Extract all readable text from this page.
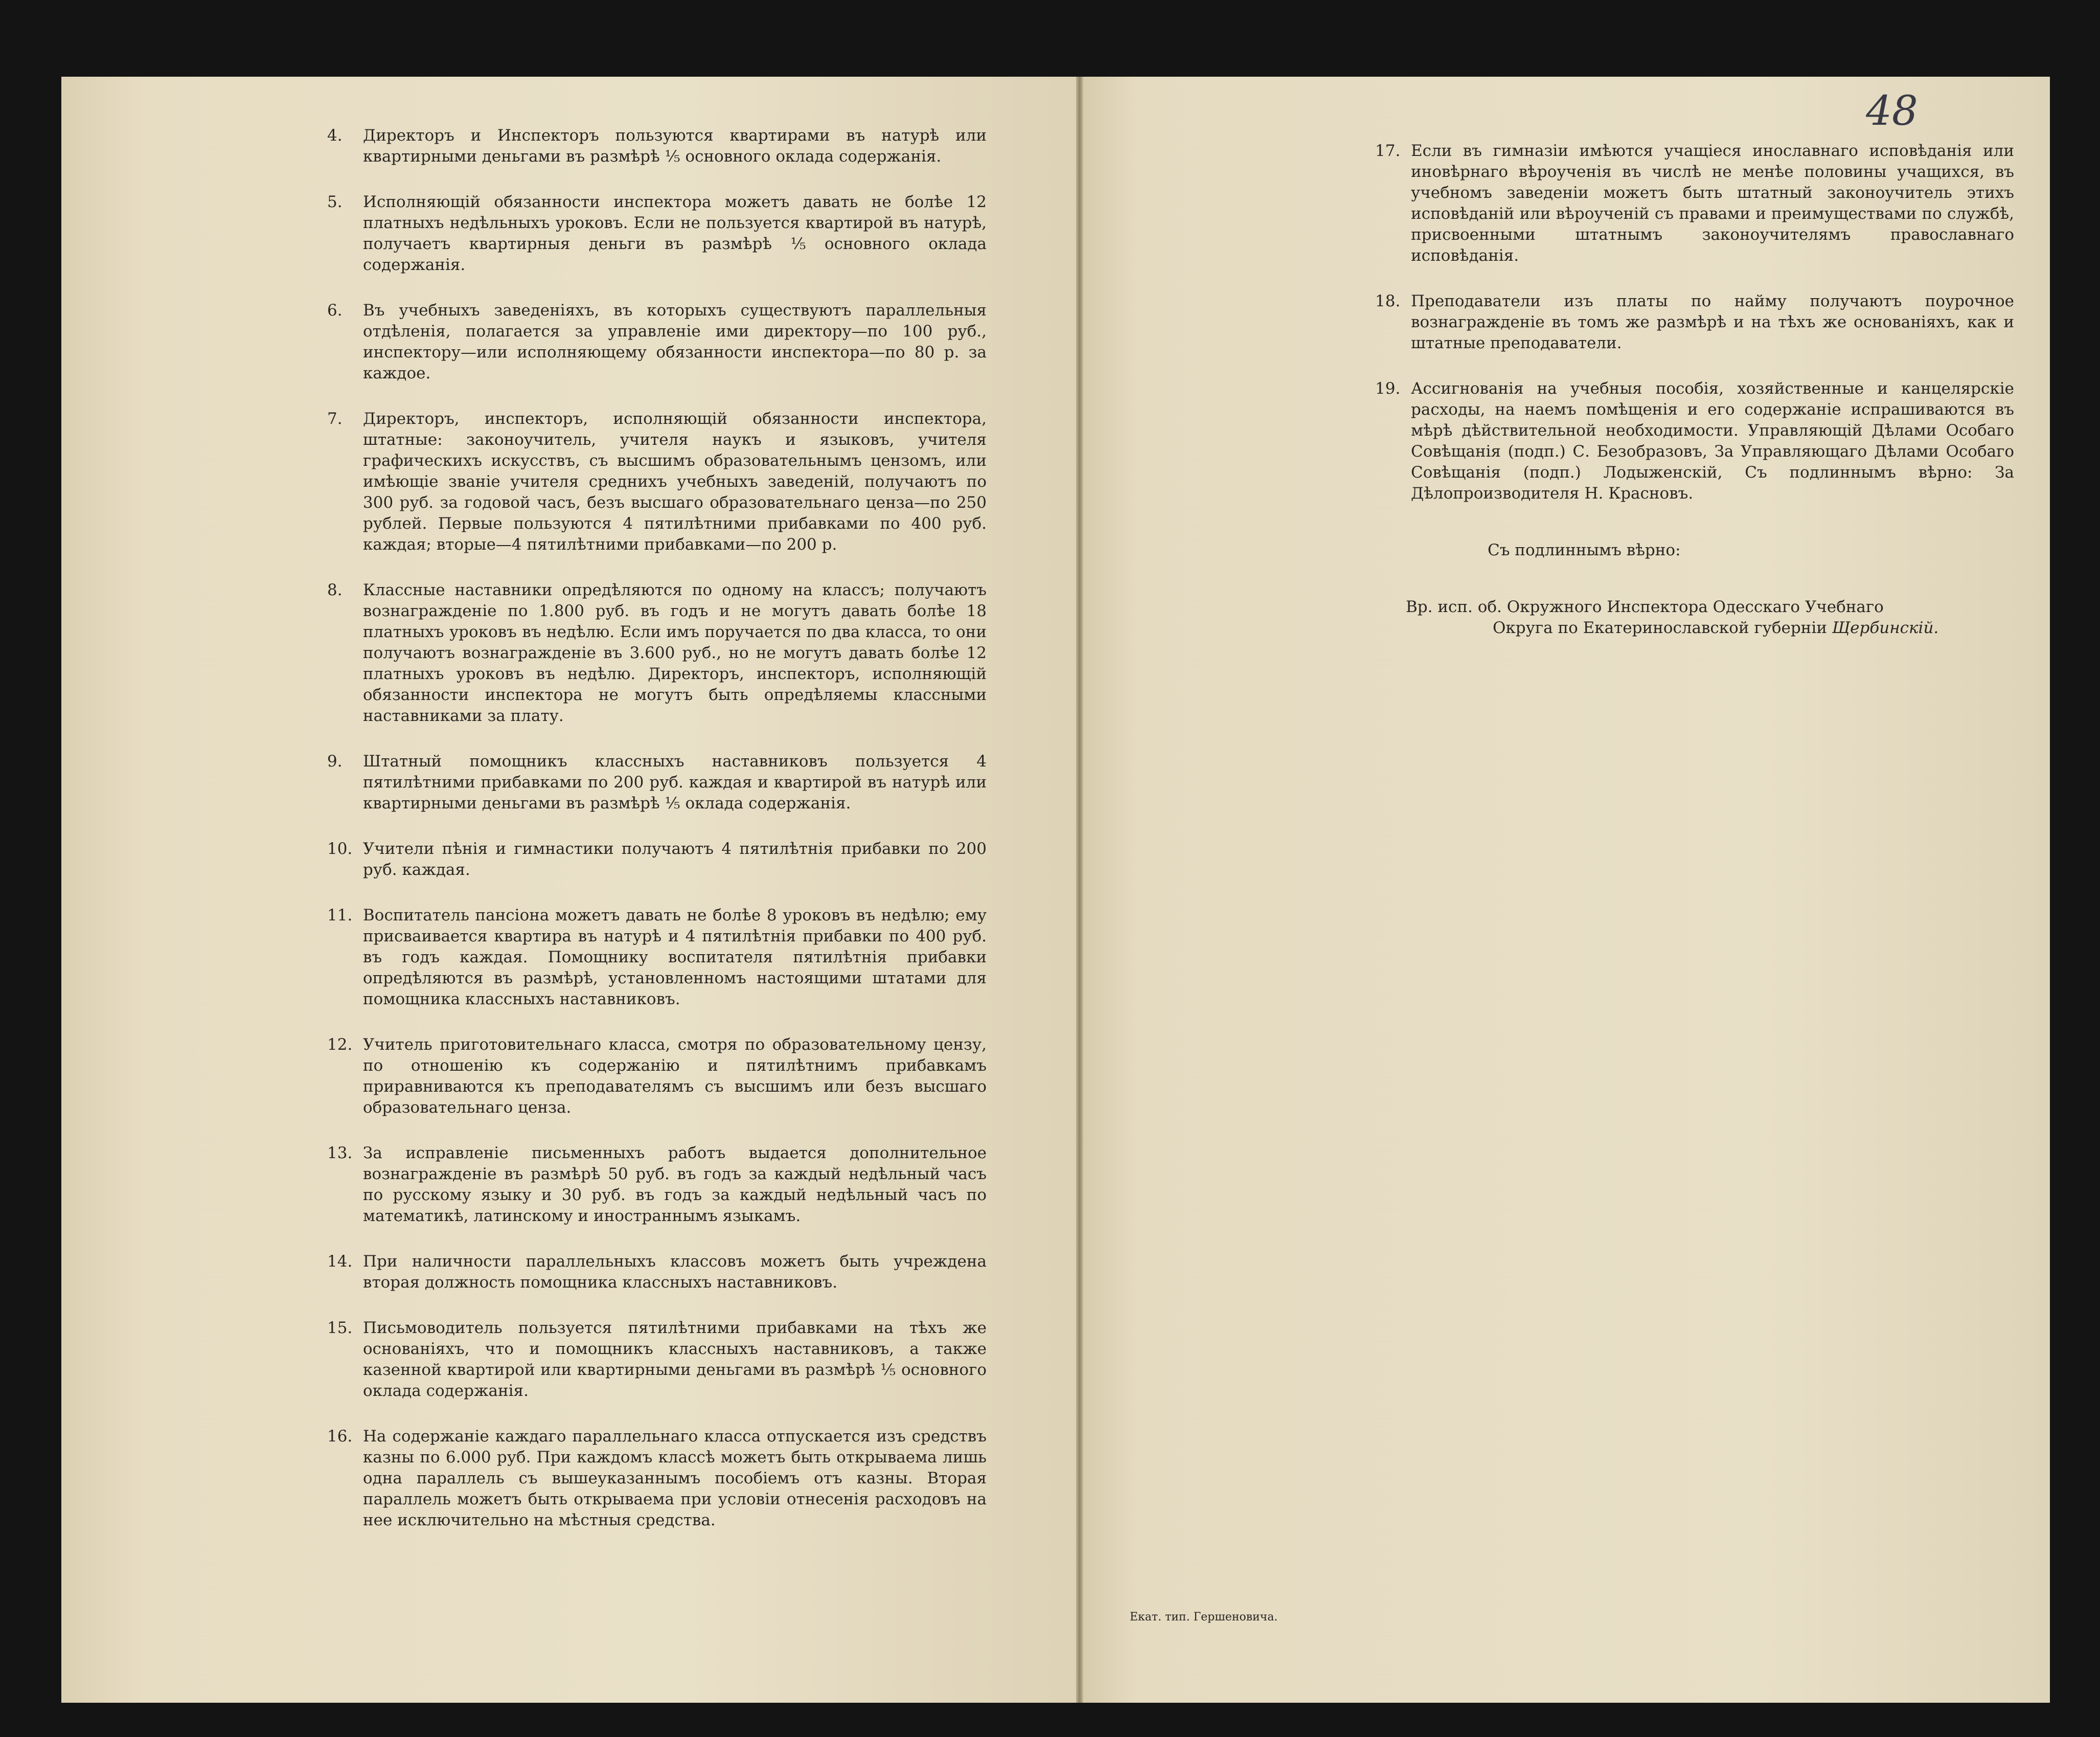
48
4.	Директоръ и Инспекторъ пользуются квартирами въ натурѣ или квартирными деньгами въ размѣрѣ ⅕ основного оклада содержанія.
5.	Исполняющій обязанности инспектора можетъ давать не болѣе 12 платныхъ недѣльныхъ уроковъ. Если не пользуется квартирой въ натурѣ, получаетъ квартирныя деньги въ размѣрѣ ⅕ основного оклада содержанія.
6.	Въ учебныхъ заведеніяхъ, въ которыхъ существуютъ параллельныя отдѣленія, полагается за управленіе ими директору—по 100 руб., инспектору—или исполняющему обязанности инспектора—по 80 р. за каждое.
7.	Директоръ, инспекторъ, исполняющій обязанности инспектора, штатные: законоучитель, учителя наукъ и языковъ, учителя графическихъ искусствъ, съ высшимъ образовательнымъ цензомъ, или имѣющіе званіе учителя среднихъ учебныхъ заведеній, получаютъ по 300 руб. за годовой часъ, безъ высшаго образовательнаго ценза—по 250 рублей. Первые пользуются 4 пятилѣтними прибавками по 400 руб. каждая; вторые—4 пятилѣтними прибавками—по 200 р.
8.	Классные наставники опредѣляются по одному на классъ; получаютъ вознагражденіе по 1.800 руб. въ годъ и не могутъ давать болѣе 18 платныхъ уроковъ въ недѣлю. Если имъ поручается по два класса, то они получаютъ вознагражденіе въ 3.600 руб., но не могутъ давать болѣе 12 платныхъ уроковъ въ недѣлю. Директоръ, инспекторъ, исполняющій обязанности инспектора не могутъ быть опредѣляемы классными наставниками за плату.
9.	Штатный помощникъ классныхъ наставниковъ пользуется 4 пятилѣтними прибавками по 200 руб. каждая и квартирой въ натурѣ или квартирными деньгами въ размѣрѣ ⅕ оклада содержанія.
10. Учители пѣнія и гимнастики получаютъ 4 пятилѣтнія прибавки по 200 руб. каждая.
11. Воспитатель пансіона можетъ давать не болѣе 8 уроковъ въ недѣлю; ему присваивается квартира въ натурѣ и 4 пятилѣтнія прибавки по 400 руб. въ годъ каждая. Помощнику воспитателя пятилѣтнія прибавки опредѣляются въ размѣрѣ, установленномъ настоящими штатами для помощника классныхъ наставниковъ.
12. Учитель приготовительнаго класса, смотря по образовательному цензу, по отношенію къ содержанію и пятилѣтнимъ прибавкамъ приравниваются къ преподавателямъ съ высшимъ или безъ высшаго образовательнаго ценза.
13. За исправленіе письменныхъ работъ выдается дополнительное вознагражденіе въ размѣрѣ 50 руб. въ годъ за каждый недѣльный часъ по русскому языку и 30 руб. въ годъ за каждый недѣльный часъ по математикѣ, латинскому и иностраннымъ языкамъ.
14. При наличности параллельныхъ классовъ можетъ быть учреждена вторая должность помощника классныхъ наставниковъ.
15. Письмоводитель пользуется пятилѣтними прибавками на тѣхъ же основаніяхъ, что и помощникъ классныхъ наставниковъ, а также казенной квартирой или квартирными деньгами въ размѣрѣ ⅕ основного оклада содержанія.
16. На содержаніе каждаго параллельнаго класса отпускается изъ средствъ казны по 6.000 руб. При каждомъ классѣ можетъ быть открываема лишь одна параллель съ вышеуказаннымъ пособіемъ отъ казны. Вторая параллель можетъ быть открываема при условіи отнесенія расходовъ на нее исключительно на мѣстныя средства.
17. Если въ гимназіи имѣются учащіеся инославнаго исповѣданія или иновѣрнаго вѣроученія въ числѣ не менѣе половины учащихся, въ учебномъ заведеніи можетъ быть штатный законоучитель этихъ исповѣданій или вѣроученій съ правами и преимуществами по службѣ, присвоенными штатнымъ законоучителямъ православнаго исповѣданія.
18. Преподаватели изъ платы по найму получаютъ поурочное вознагражденіе въ томъ же размѣрѣ и на тѣхъ же основаніяхъ, как и штатные преподаватели.
19. Ассигнованія на учебныя пособія, хозяйственные и канцелярскіе расходы, на наемъ помѣщенія и его содержаніе испрашиваются въ мѣрѣ дѣйствительной необходимости. Управляющій Дѣлами Особаго Совѣщанія (подп.) С. Безобразовъ, За Управляющаго Дѣлами Особаго Совѣщанія (подп.) Лодыженскій, Съ подлиннымъ вѣрно: За Дѣлопроизводителя Н. Красновъ.
Съ подлиннымъ вѣрно:
Вр. исп. об. Окружного Инспектора Одесскаго Учебнаго
Округа по Екатеринославской губерніи Щербинскій.
Екат. тип. Гершеновича.
